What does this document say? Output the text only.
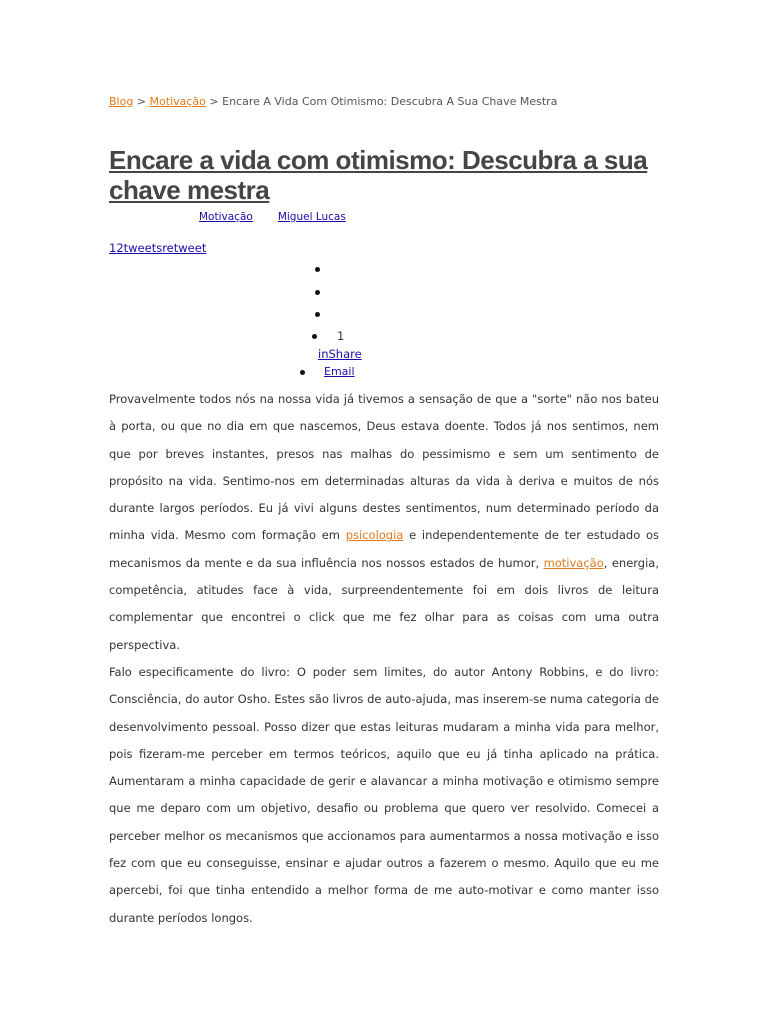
Blog > Motivação > Encare A Vida Com Otimismo: Descubra A Sua Chave Mestra
Encare a vida com otimismo: Descubra a sua chave mestra
Motivação Miguel Lucas
12tweetsretweet
1
inShare
Email

Provavelmente todos nós na nossa vida já tivemos a sensação de que a "sorte" não nos bateu à porta, ou que no dia em que nascemos, Deus estava doente. Todos já nos sentimos, nem que por breves instantes, presos nas malhas do pessimismo e sem um sentimento de propósito na vida. Sentimo-nos em determinadas alturas da vida à deriva e muitos de nós durante largos períodos. Eu já vivi alguns destes sentimentos, num determinado período da minha vida. Mesmo com formação em psicologia e independentemente de ter estudado os mecanismos da mente e da sua influência nos nossos estados de humor, motivação, energia, competência, atitudes face à vida, surpreendentemente foi em dois livros de leitura complementar que encontrei o click que me fez olhar para as coisas com uma outra perspectiva.

Falo especificamente do livro: O poder sem limites, do autor Antony Robbins, e do livro: Consciência, do autor Osho. Estes são livros de auto-ajuda, mas inserem-se numa categoria de desenvolvimento pessoal. Posso dizer que estas leituras mudaram a minha vida para melhor, pois fizeram-me perceber em termos teóricos, aquilo que eu já tinha aplicado na prática. Aumentaram a minha capacidade de gerir e alavancar a minha motivação e otimismo sempre que me deparo com um objetivo, desafio ou problema que quero ver resolvido. Comecei a perceber melhor os mecanismos que accionamos para aumentarmos a nossa motivação e isso fez com que eu conseguisse, ensinar e ajudar outros a fazerem o mesmo. Aquilo que eu me apercebi, foi que tinha entendido a melhor forma de me auto-motivar e como manter isso durante períodos longos.
